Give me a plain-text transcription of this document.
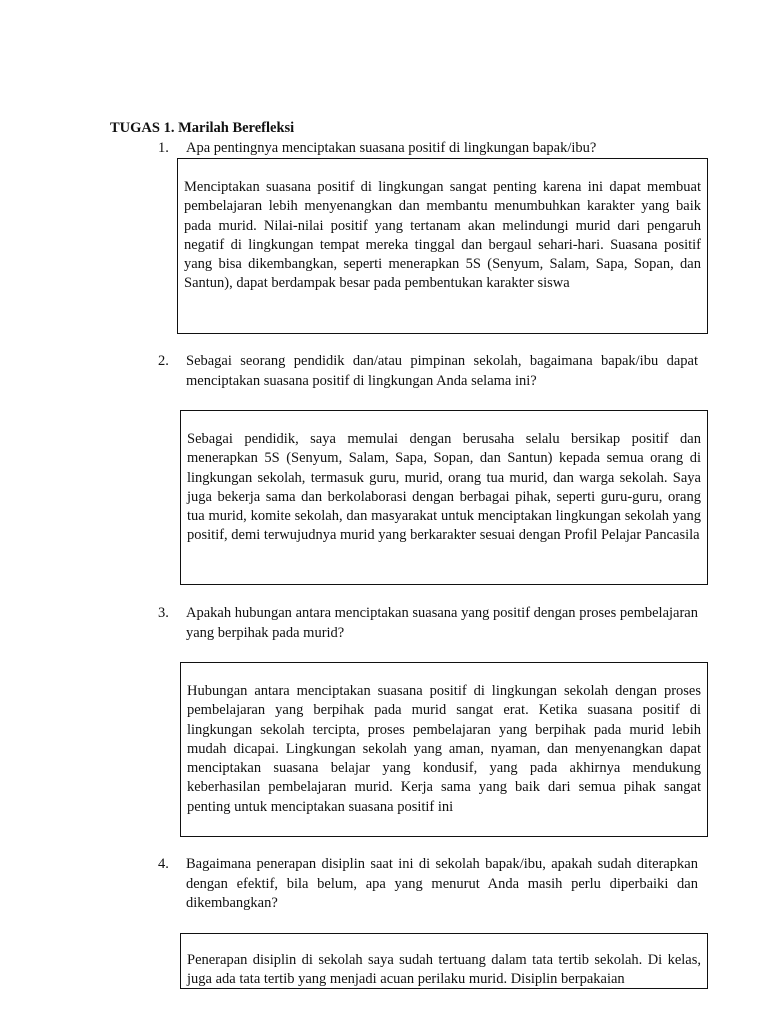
TUGAS 1. Marilah Berefleksi
1.	Apa pentingnya menciptakan suasana positif di lingkungan bapak/ibu?
Menciptakan suasana positif di lingkungan sangat penting karena ini dapat membuat pembelajaran lebih menyenangkan dan membantu menumbuhkan karakter yang baik pada murid. Nilai-nilai positif yang tertanam akan melindungi murid dari pengaruh negatif di lingkungan tempat mereka tinggal dan bergaul sehari-hari. Suasana positif yang bisa dikembangkan, seperti menerapkan 5S (Senyum, Salam, Sapa, Sopan, dan Santun), dapat berdampak besar pada pembentukan karakter siswa
2.	Sebagai seorang pendidik dan/atau pimpinan sekolah, bagaimana bapak/ibu dapat menciptakan suasana positif di lingkungan Anda selama ini?
Sebagai pendidik, saya memulai dengan berusaha selalu bersikap positif dan menerapkan 5S (Senyum, Salam, Sapa, Sopan, dan Santun) kepada semua orang di lingkungan sekolah, termasuk guru, murid, orang tua murid, dan warga sekolah. Saya juga bekerja sama dan berkolaborasi dengan berbagai pihak, seperti guru-guru, orang tua murid, komite sekolah, dan masyarakat untuk menciptakan lingkungan sekolah yang positif, demi terwujudnya murid yang berkarakter sesuai dengan Profil Pelajar Pancasila
3.	Apakah hubungan antara menciptakan suasana yang positif dengan proses pembelajaran yang berpihak pada murid?
Hubungan antara menciptakan suasana positif di lingkungan sekolah dengan proses pembelajaran yang berpihak pada murid sangat erat. Ketika suasana positif di lingkungan sekolah tercipta, proses pembelajaran yang berpihak pada murid lebih mudah dicapai. Lingkungan sekolah yang aman, nyaman, dan menyenangkan dapat menciptakan suasana belajar yang kondusif, yang pada akhirnya mendukung keberhasilan pembelajaran murid. Kerja sama yang baik dari semua pihak sangat penting untuk menciptakan suasana positif ini
4.	Bagaimana penerapan disiplin saat ini di sekolah bapak/ibu, apakah sudah diterapkan dengan efektif, bila belum, apa yang menurut Anda masih perlu diperbaiki dan dikembangkan?
Penerapan disiplin di sekolah saya sudah tertuang dalam tata tertib sekolah. Di kelas, juga ada tata tertib yang menjadi acuan perilaku murid. Disiplin berpakaian
